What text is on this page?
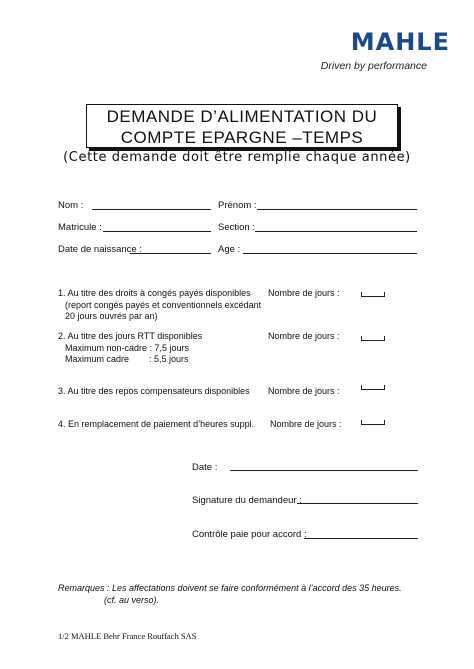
MAHLE
Driven by performance
DEMANDE D’ALIMENTATION DU
COMPTE EPARGNE –TEMPS
(Cette demande doit être remplie chaque année)
Nom :	Prénom :
Matricule :	Section :
Date de naissance :	Age :
1. Au titre des droits à congés payés disponibles
(report congés payés et conventionnels excédant
20 jours ouvrés par an)
Nombre de jours :
2. Au titre des jours RTT disponibles
Maximum non-cadre : 7,5 jours
Maximum cadre        : 5,5 jours
Nombre de jours :
3. Au titre des repos compensateurs disponibles Nombre de jours :
4. En remplacement de paiement d’heures suppl. Nombre de jours :
Date :
Signature du demandeur :
Contrôle paie pour accord :
Remarques : Les affectations doivent se faire conformément à l’accord des 35 heures.
(cf. au verso).
1/2 MAHLE Behr France Rouffach SAS
